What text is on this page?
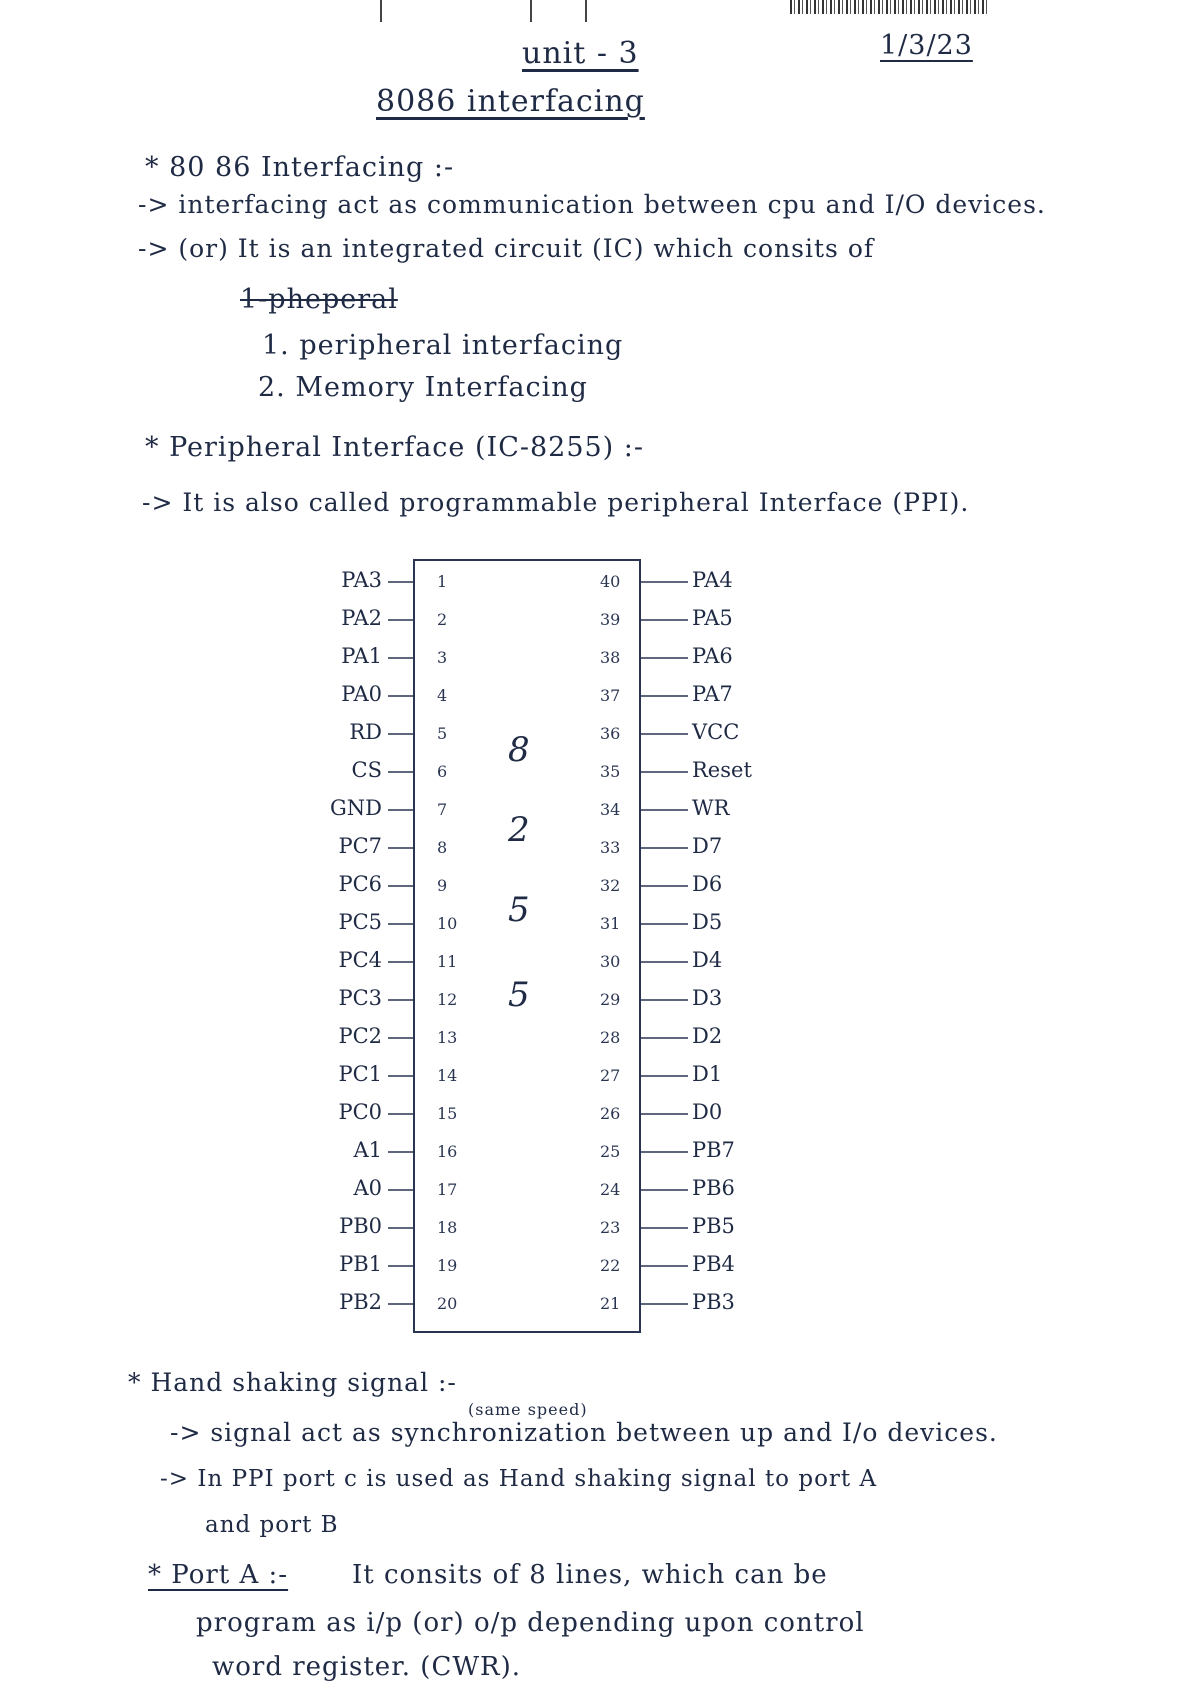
unit - 3	1/3/23
8086 interfacing
* 80 86 Interfacing :-
-> interfacing act as communication between cpu and I/O devices.
-> (or) It is an integrated circuit (IC) which consits of
1-pheperal
1. peripheral interfacing
2. Memory Interfacing
* Peripheral Interface (IC-8255) :-
-> It is also called programmable peripheral Interface (PPI).
PA3	1
PA2	2
PA1	3
PA0	4
RD	5
CS	6
GND	7
PC7	8
PC6	9
PC5	10
PC4	11
PC3	12
PC2	13
PC1	14
PC0	15
A1	16
A0	17
PB0	18
PB1	19
PB2	20
40	PA4
39	PA5
38	PA6
37	PA7
36	VCC
35	Reset
34	WR
33	D7
32	D6
31	D5
30	D4
29	D3
28	D2
27	D1
26	D0
25	PB7
24	PB6
23	PB5
22	PB4
21	PB3
8
2
5
5
* Hand shaking signal :-
(same speed)
-> signal act as synchronization between up and I/o devices.
-> In PPI port c is used as Hand shaking signal to port A
and port B
* Port A :- It consits of 8 lines, which can be
program as i/p (or) o/p depending upon control
word register. (CWR).
